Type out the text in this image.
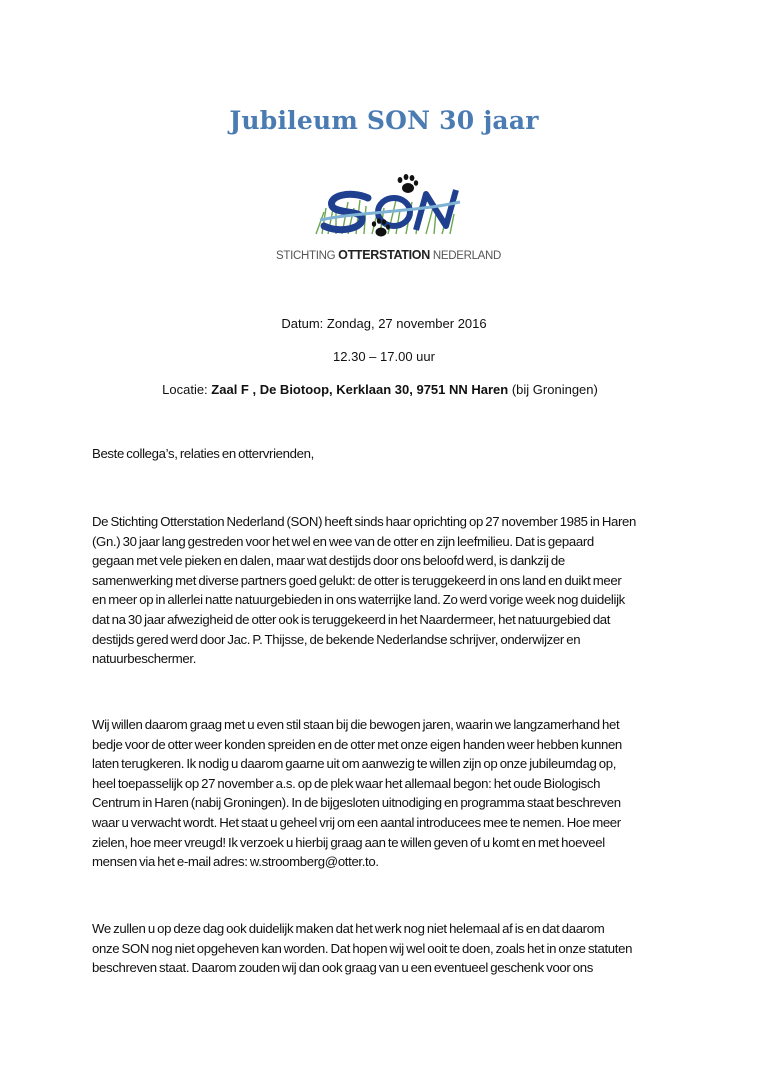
Jubileum SON 30 jaar
STICHTING OTTERSTATION NEDERLAND
Datum: Zondag, 27 november 2016
12.30 – 17.00 uur
Locatie: Zaal F , De Biotoop, Kerklaan 30, 9751 NN Haren (bij Groningen)
Beste collega’s, relaties en ottervrienden,
De Stichting Otterstation Nederland (SON) heeft sinds haar oprichting op 27 november 1985 in Haren
(Gn.) 30 jaar lang gestreden voor het wel en wee van de otter en zijn leefmilieu. Dat is gepaard
gegaan met vele pieken en dalen, maar wat destijds door ons beloofd werd, is dankzij de
samenwerking met diverse partners goed gelukt: de otter is teruggekeerd in ons land en duikt meer
en meer op in allerlei natte natuurgebieden in ons waterrijke land. Zo werd vorige week nog duidelijk
dat na 30 jaar afwezigheid de otter ook is teruggekeerd in het Naardermeer, het natuurgebied dat
destijds gered werd door Jac. P. Thijsse, de bekende Nederlandse schrijver, onderwijzer en
natuurbeschermer.
Wij willen daarom graag met u even stil staan bij die bewogen jaren, waarin we langzamerhand het
bedje voor de otter weer konden spreiden en de otter met onze eigen handen weer hebben kunnen
laten terugkeren. Ik nodig u daarom gaarne uit om aanwezig te willen zijn op onze jubileumdag op,
heel toepasselijk op 27 november a.s. op de plek waar het allemaal begon: het oude Biologisch
Centrum in Haren (nabij Groningen). In de bijgesloten uitnodiging en programma staat beschreven
waar u verwacht wordt. Het staat u geheel vrij om een aantal introducees mee te nemen. Hoe meer
zielen, hoe meer vreugd! Ik verzoek u hierbij graag aan te willen geven of u komt en met hoeveel
mensen via het e-mail adres: w.stroomberg@otter.to.
We zullen u op deze dag ook duidelijk maken dat het werk nog niet helemaal af is en dat daarom
onze SON nog niet opgeheven kan worden. Dat hopen wij wel ooit te doen, zoals het in onze statuten
beschreven staat. Daarom zouden wij dan ook graag van u een eventueel geschenk voor ons
